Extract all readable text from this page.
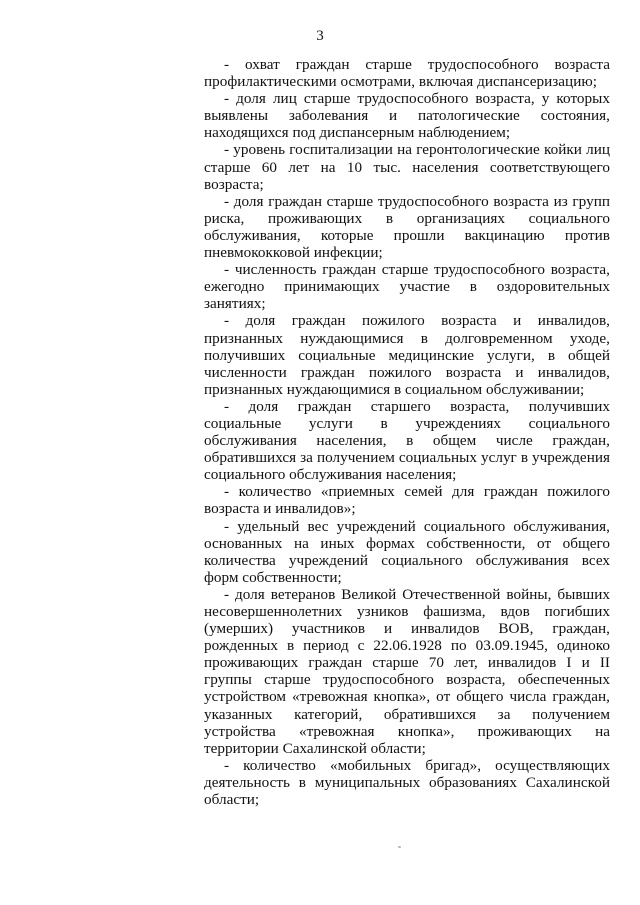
3

- охват граждан старше трудоспособного возраста профилактическими осмотрами, включая диспансеризацию;

- доля лиц старше трудоспособного возраста, у которых выявлены заболевания и патологические состояния, находящихся под диспансерным наблюдением;

- уровень госпитализации на геронтологические койки лиц старше 60 лет на 10 тыс. населения соответствующего возраста;

- доля граждан старше трудоспособного возраста из групп риска, проживающих в организациях социального обслуживания, которые прошли вакцинацию против пневмококковой инфекции;

- численность граждан старше трудоспособного возраста, ежегодно принимающих участие в оздоровительных занятиях;

- доля граждан пожилого возраста и инвалидов, признанных нуждающимися в долговременном уходе, получивших социальные медицинские услуги, в общей численности граждан пожилого возраста и инвалидов, признанных нуждающимися в социальном обслуживании;

- доля граждан старшего возраста, получивших социальные услуги в учреждениях социального обслуживания населения, в общем числе граждан, обратившихся за получением социальных услуг в учреждения социального обслуживания населения;

- количество «приемных семей для граждан пожилого возраста и инвалидов»;

- удельный вес учреждений социального обслуживания, основанных на иных формах собственности, от общего количества учреждений социального обслуживания всех форм собственности;

- доля ветеранов Великой Отечественной войны, бывших несовершеннолетних узников фашизма, вдов погибших (умерших) участников и инвалидов ВОВ, граждан, рожденных в период с 22.06.1928 по 03.09.1945, одиноко проживающих граждан старше 70 лет, инвалидов I и II группы старше трудоспособного возраста, обеспеченных устройством «тревожная кнопка», от общего числа граждан, указанных категорий, обратившихся за получением устройства «тревожная кнопка», проживающих на территории Сахалинской области;

- количество «мобильных бригад», осуществляющих деятельность в муниципальных образованиях Сахалинской области;
